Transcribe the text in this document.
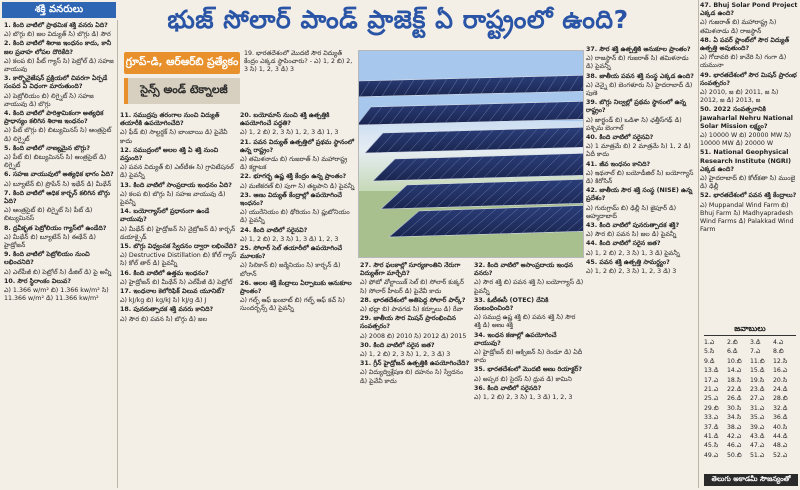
శక్తి వనరులు	భుజ్ సోలార్ పాండ్ ప్రాజెక్ట్ ఏ రాష్ట్రంలో ఉంది?
గ్రూప్-డి, ఆర్ఆర్‌బి ప్రత్యేకం
సైన్స్ అండ్ టెక్నాలజీ

1. కింది వాటిలో ప్రాథమిక శక్తి వనరు ఏది?

ఎ) బొగ్గు బి) జల విద్యుత్ సి) బొగ్గు డి) సౌర

2. కింది వాటిలో శిలాజ ఇంధనం కాదు, కానీ జల ప్రవాహ లోపల దొరికేది?

ఎ) కలప బి) పీట్ గ్యాస్ సి) పెట్రోల్ డి) సహజ వాయువు

3. కార్బొనైజేషన్ ప్రక్రియలో చివరగా ఏర్పడే సంపద ఏ విధంగా మారుతుంది?

ఎ) పెట్రోలియం బి) లిగ్నైట్ సి) సహజ వాయువు డి) బొగ్గు

4. కింది వాటిలో పారిశ్రామికంగా అత్యధిక ప్రాధాన్యం కలిగిన శిలాజ ఇంధనం?

ఎ) పీట్ బొగ్గు బి) బిట్యుమినస్ సి) ఆంత్రసైట్ డి) లిగ్నైట్

5. కింది వాటిలో నాణ్యమైన బొగ్గు?

ఎ) పీట్ బి) బిట్యుమినస్ సి) ఆంత్రసైట్ డి) లిగ్నైట్

6. సహజ వాయువులో అత్యధిక భాగం ఏది?

ఎ) బ్యూటేన్ బి) ప్రొపేన్ సి) ఇథేన్ డి) మీథేన్

7. కింది వాటిలో అధిక కార్బన్ కలిగిన బొగ్గు ఏది?

ఎ) ఆంత్రసైట్ బి) లిగ్నైట్ సి) పీట్ డి) బిట్యుమినస్

8. ద్రవీకృత పెట్రోలియం గ్యాస్‌లో ఉండేది?

ఎ) మీథేన్ బి) బ్యూటేన్ సి) ఈథేన్ డి) హైడ్రోజన్

9. కింది వాటిలో పెట్రోలియం నుంచి లభించనిది?

ఎ) ఎల్‌పీజీ బి) పెట్రోల్ సి) డీజిల్ డి) పై అన్నీ

10. సౌర స్థిరాంకం విలువ?

ఎ) 1.366 w/m² బి) 1.366 kw/m² సి) 11.366 w/m² డి) 11.366 kw/m²

11. సముద్రపు తరంగాల నుంచి విద్యుత్ తయారీకి ఉపయోగించేది?

ఎ) ఫీడ్ బి) సాల్టర్డక్ సి) బాంబాయి డి) పైవేవీ కాదు

12. సముద్రంలో అలల శక్తి ఏ శక్తి నుంచి వస్తుంది?

ఎ) పవన విద్యుత్ బి) ఎల్‌టీఈ సి) గ్రావిటేషనల్ డి) పైవన్నీ

13. కింది వాటిలో సాంప్రదాయ ఇంధనం ఏది?

ఎ) కలప బి) బొగ్గు సి) సహజ వాయువు డి) పైవన్నీ

14. బయోగ్యాస్‌లో ప్రధానంగా ఉండే వాయువు?

ఎ) మీథేన్ బి) హైడ్రోజన్ సి) నైట్రోజన్ డి) కార్బన్ డయాక్సైడ్

15. బొగ్గు విధ్వంసక స్వేదనం ద్వారా లభించేది?

ఎ) Destructive Distillation బి) కోల్ గ్యాస్ సి) కోల్ తార్ డి) పైవన్నీ

16. కింది వాటిలో ఉత్తమ ఇంధనం?

ఎ) హైడ్రోజన్ బి) మీథేన్ సి) ఎల్‌పీజీ డి) పెట్రోల్

17. ఇంధనాల కెలోరిఫిక్ విలువ యూనిట్?

ఎ) kJ/kg బి) kg/kJ సి) kJ/g డి) J

18. పునరుత్పాదక శక్తి వనరు కానిది?

ఎ) సౌర బి) పవన సి) బొగ్గు డి) జల

19. భారతదేశంలో మొదటి సౌర విద్యుత్ కేంద్రం ఎక్కడ స్థాపించారు? - ఎ) 1, 2 బి) 2, 3 సి) 1, 2, 3 డి) 3

20. బయోమాస్ నుంచి శక్తి ఉత్పత్తికి ఉపయోగించే పద్ధతి?

ఎ) 1, 2 బి) 2, 3 సి) 1, 2, 3 డి) 1, 3

21. పవన విద్యుత్ ఉత్పత్తిలో ప్రథమ స్థానంలో ఉన్న రాష్ట్రం?

ఎ) తమిళనాడు బి) గుజరాత్ సి) మహారాష్ట్ర డి) కర్ణాటక

22. భూగర్భ ఉష్ణ శక్తి కేంద్రం ఉన్న ప్రాంతం?

ఎ) మణికరణ్ బి) పుగా సి) తట్టపాని డి) పైవన్నీ

23. అణు విద్యుత్ కేంద్రాల్లో ఉపయోగించే ఇంధనం?

ఎ) యురేనియం బి) థోరియం సి) ప్లుటోనియం డి) పైవన్నీ

24. కింది వాటిలో సరైనవి?

ఎ) 1, 2 బి) 2, 3 సి) 1, 3 డి) 1, 2, 3

25. సోలార్ సెల్ తయారీలో ఉపయోగించే మూలకం?

ఎ) సిలికాన్ బి) జర్మేనియం సి) కార్బన్ డి) బోరాన్

26. అలల శక్తి కేంద్రాలు ఏర్పాటుకు అనుకూల ప్రాంతం?

ఎ) గల్ఫ్ ఆఫ్ ఖంబాట్ బి) గల్ఫ్ ఆఫ్ కచ్ సి) సుందర్బన్స్ డి) పైవన్నీ

27. సౌర ఫలకాల్లో సూర్యకాంతిని నేరుగా విద్యుత్‌గా మార్చేది?

ఎ) ఫోటో వోల్టాయిక్ సెల్ బి) సోలార్ కుక్కర్ సి) సోలార్ హీటర్ డి) పైవేవీ కాదు

28. భారతదేశంలో అతిపెద్ద సోలార్ పార్క్?

ఎ) భద్లా బి) పావగడ సి) కర్నూలు డి) రేవా

29. జాతీయ సౌర మిషన్ ప్రారంభించిన సంవత్సరం?

ఎ) 2008 బి) 2010 సి) 2012 డి) 2015

30. కింది వాటిలో సరైన జత?

ఎ) 1, 2 బి) 2, 3 సి) 1, 2, 3 డి) 3

31. గ్రీన్ హైడ్రోజన్ ఉత్పత్తికి ఉపయోగించేది?

ఎ) విద్యుద్విశ్లేషణ బి) దహనం సి) స్వేదనం డి) పైవేవీ కాదు

32. కింది వాటిలో అసాంప్రదాయ ఇంధన వనరు?

ఎ) సౌర శక్తి బి) పవన శక్తి సి) బయోగ్యాస్ డి) పైవన్నీ

33. ఓటీఈసీ (OTEC) దేనికి సంబంధించింది?

ఎ) సముద్ర ఉష్ణ శక్తి బి) పవన శక్తి సి) సౌర శక్తి డి) అణు శక్తి

34. ఇంధన కణాల్లో ఉపయోగించే వాయువు?

ఎ) హైడ్రోజన్ బి) ఆక్సిజన్ సి) రెండూ డి) ఏదీ కాదు

35. భారతదేశంలో మొదటి అణు రియాక్టర్?

ఎ) అప్సర బి) సైరస్ సి) ధ్రువ డి) కామిని

36. కింది వాటిలో సరైనది?

ఎ) 1, 2 బి) 2, 3 సి) 1, 3 డి) 1, 2, 3

37. సౌర శక్తి ఉత్పత్తికి అనుకూల ప్రాంతం?

ఎ) రాజస్థాన్ బి) గుజరాత్ సి) తమిళనాడు డి) పైవన్నీ

38. జాతీయ పవన శక్తి సంస్థ ఎక్కడ ఉంది?

ఎ) చెన్నై బి) బెంగళూరు సి) హైదరాబాద్ డి) పుణె

39. బొగ్గు నిల్వల్లో ప్రథమ స్థానంలో ఉన్న రాష్ట్రం?

ఎ) జార్ఖండ్ బి) ఒడిశా సి) ఛత్తీస్‌గఢ్ డి) పశ్చిమ బెంగాల్

40. కింది వాటిలో సరైనవి?

ఎ) 1 మాత్రమే బి) 2 మాత్రమే సి) 1, 2 డి) ఏదీ కాదు

41. జీవ ఇంధనం కానిది?

ఎ) ఇథనాల్ బి) బయోడీజిల్ సి) బయోగ్యాస్ డి) కిరోసిన్

42. జాతీయ సౌర శక్తి సంస్థ (NISE) ఉన్న ప్రదేశం?

ఎ) గురుగ్రామ్ బి) ఢిల్లీ సి) జైపూర్ డి) అహ్మదాబాద్

43. కింది వాటిలో పునరుత్పాదక శక్తి?

ఎ) సౌర బి) పవన సి) జల డి) పైవన్నీ

44. కింది వాటిలో సరైన జత?

ఎ) 1, 2 బి) 2, 3 సి) 1, 3 డి) పైవన్నీ

45. పవన శక్తి ఉత్పత్తి సామర్థ్యం?

ఎ) 1, 2 బి) 2, 3 సి) 1, 2, 3 డి) 3

47. Bhuj Solar Pond Project ఎక్కడ ఉంది?

ఎ) గుజరాత్ బి) మహారాష్ట్ర సి) తమిళనాడు డి) రాజస్థాన్

48. ఏ పవర్ ప్లాంట్‌లో సౌర విద్యుత్ ఉత్పత్తి అవుతుంది?

ఎ) గోదావరి బి) కావేరి సి) గంగా డి) యమునా

49. భారతదేశంలో సౌర మిషన్ ప్రారంభ సంవత్సరం?

ఎ) 2010, జ బి) 2011, జ సి) 2012, జ డి) 2013, జ

50. 2022 సంవత్సరానికి Jawaharlal Nehru National Solar Mission లక్ష్యం?

ఎ) 10000 W బి) 20000 MW సి) 10000 MW డి) 20000 W

51. National Geophysical Research Institute (NGRI) ఎక్కడ ఉంది?

ఎ) హైదరాబాద్ బి) కోల్‌కతా సి) ముంబై డి) ఢిల్లీ

52. భారతదేశంలో పవన శక్తి కేంద్రాలు?

ఎ) Muppandal Wind Farm బి) Bhuj Farm సి) Madhyapradesh Wind Farms డి) Palakkad Wind Farm

జవాబులు
1.ఎ	2.బి	3.డి	4.ఎ
5.సి	6.డి	7.ఎ	8.బి
9.డి	10.బి	11.బి	12.సి
13.డి	14.ఎ	15.డి	16.ఎ
17.ఎ	18.సి	19.సి	20.సి
21.ఎ	22.డి	23.డి	24.డి
25.ఎ	26.డి	27.ఎ	28.బి
29.బి	30.సి	31.ఎ	32.డి
33.ఎ	34.సి	35.ఎ	36.డి
37.డి	38.ఎ	39.ఎ	40.సి
41.డి	42.ఎ	43.డి	44.డి
45.సి	46.ఎ	47.ఎ	48.ఎ
49.ఎ	50.బి	51.ఎ	52.ఎ
తెలుగు అకాడమీ సౌజన్యంతో
